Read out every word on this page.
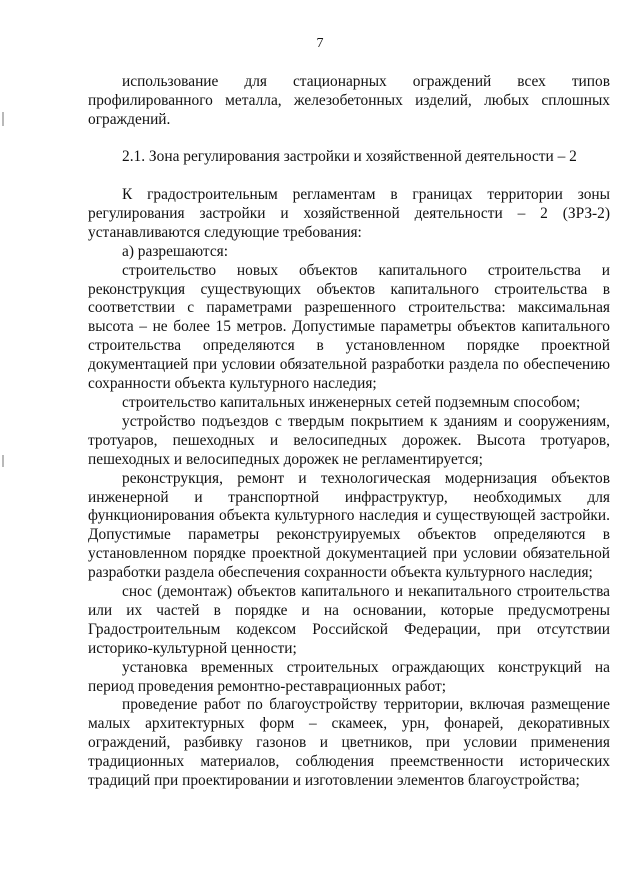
7

использование для стационарных ограждений всех типов профилированного металла, железобетонных изделий, любых сплошных ограждений.

2.1. Зона регулирования застройки и хозяйственной деятельности – 2

К градостроительным регламентам в границах территории зоны регулирования застройки и хозяйственной деятельности – 2 (ЗРЗ-2) устанавливаются следующие требования:

а) разрешаются:

строительство новых объектов капитального строительства и реконструкция существующих объектов капитального строительства в соответствии с параметрами разрешенного строительства: максимальная высота – не более 15 метров. Допустимые параметры объектов капитального строительства определяются в установленном порядке проектной документацией при условии обязательной разработки раздела по обеспечению сохранности объекта культурного наследия;

строительство капитальных инженерных сетей подземным способом;

устройство подъездов с твердым покрытием к зданиям и сооружениям, тротуаров, пешеходных и велосипедных дорожек. Высота тротуаров, пешеходных и велосипедных дорожек не регламентируется;

реконструкция, ремонт и технологическая модернизация объектов инженерной и транспортной инфраструктур, необходимых для функционирования объекта культурного наследия и существующей застройки. Допустимые параметры реконструируемых объектов определяются в установленном порядке проектной документацией при условии обязательной разработки раздела обеспечения сохранности объекта культурного наследия;

снос (демонтаж) объектов капитального и некапитального строительства или их частей в порядке и на основании, которые предусмотрены Градостроительным кодексом Российской Федерации, при отсутствии историко-культурной ценности;

установка временных строительных ограждающих конструкций на период проведения ремонтно-реставрационных работ;

проведение работ по благоустройству территории, включая размещение малых архитектурных форм – скамеек, урн, фонарей, декоративных ограждений, разбивку газонов и цветников, при условии применения традиционных материалов, соблюдения преемственности исторических традиций при проектировании и изготовлении элементов благоустройства;
